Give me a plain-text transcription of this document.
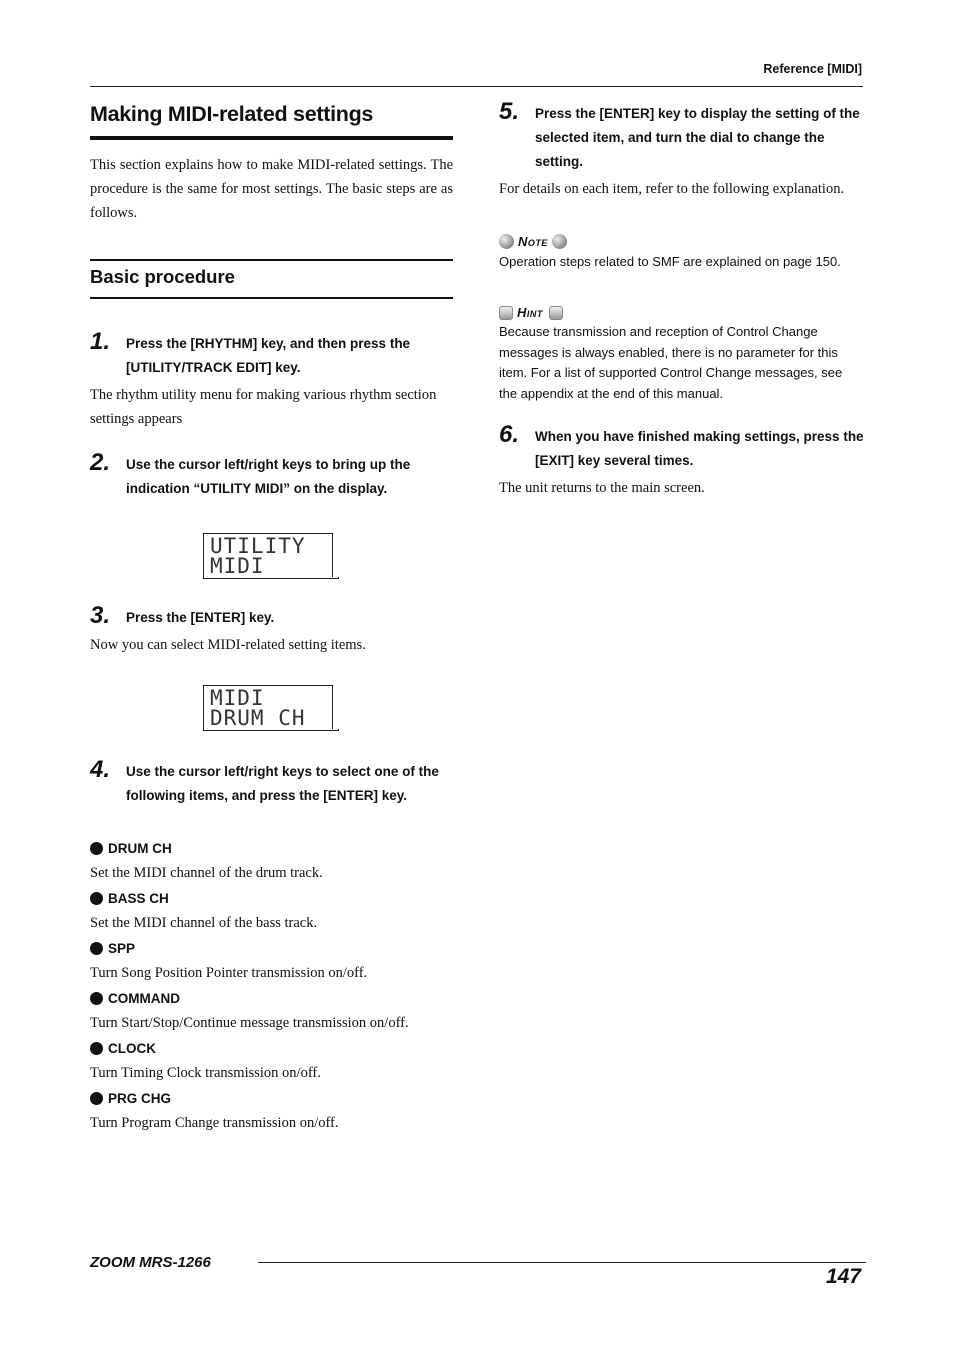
Reference [MIDI]
Making MIDI-related settings
This section explains how to make MIDI-related settings. The procedure is the same for most settings. The basic steps are as follows.
Basic procedure
1. Press the [RHYTHM] key, and then press the
[UTILITY/TRACK EDIT] key.
The rhythm utility menu for making various rhythm section settings appears
2. Use the cursor left/right keys to bring up the
indication “UTILITY MIDI” on the display.
UTILITY
MIDI
3. Press the [ENTER] key.
Now you can select MIDI-related setting items.
MIDI
DRUM CH
4. Use the cursor left/right keys to select one of the
following items, and press the [ENTER] key.
DRUM CH
Set the MIDI channel of the drum track.
BASS CH
Set the MIDI channel of the bass track.
SPP
Turn Song Position Pointer transmission on/off.
COMMAND
Turn Start/Stop/Continue message transmission on/off.
CLOCK
Turn Timing Clock transmission on/off.
PRG CHG
Turn Program Change transmission on/off.
5. Press the [ENTER] key to display the setting of the
selected item, and turn the dial to change the
setting.
For details on each item, refer to the following explanation.
Note
Operation steps related to SMF are explained on page 150.
Hint
Because transmission and reception of Control Change
messages is always enabled, there is no parameter for this
item. For a list of supported Control Change messages, see
the appendix at the end of this manual.
6. When you have finished making settings, press the
[EXIT] key several times.
The unit returns to the main screen.
ZOOM MRS-1266
147
